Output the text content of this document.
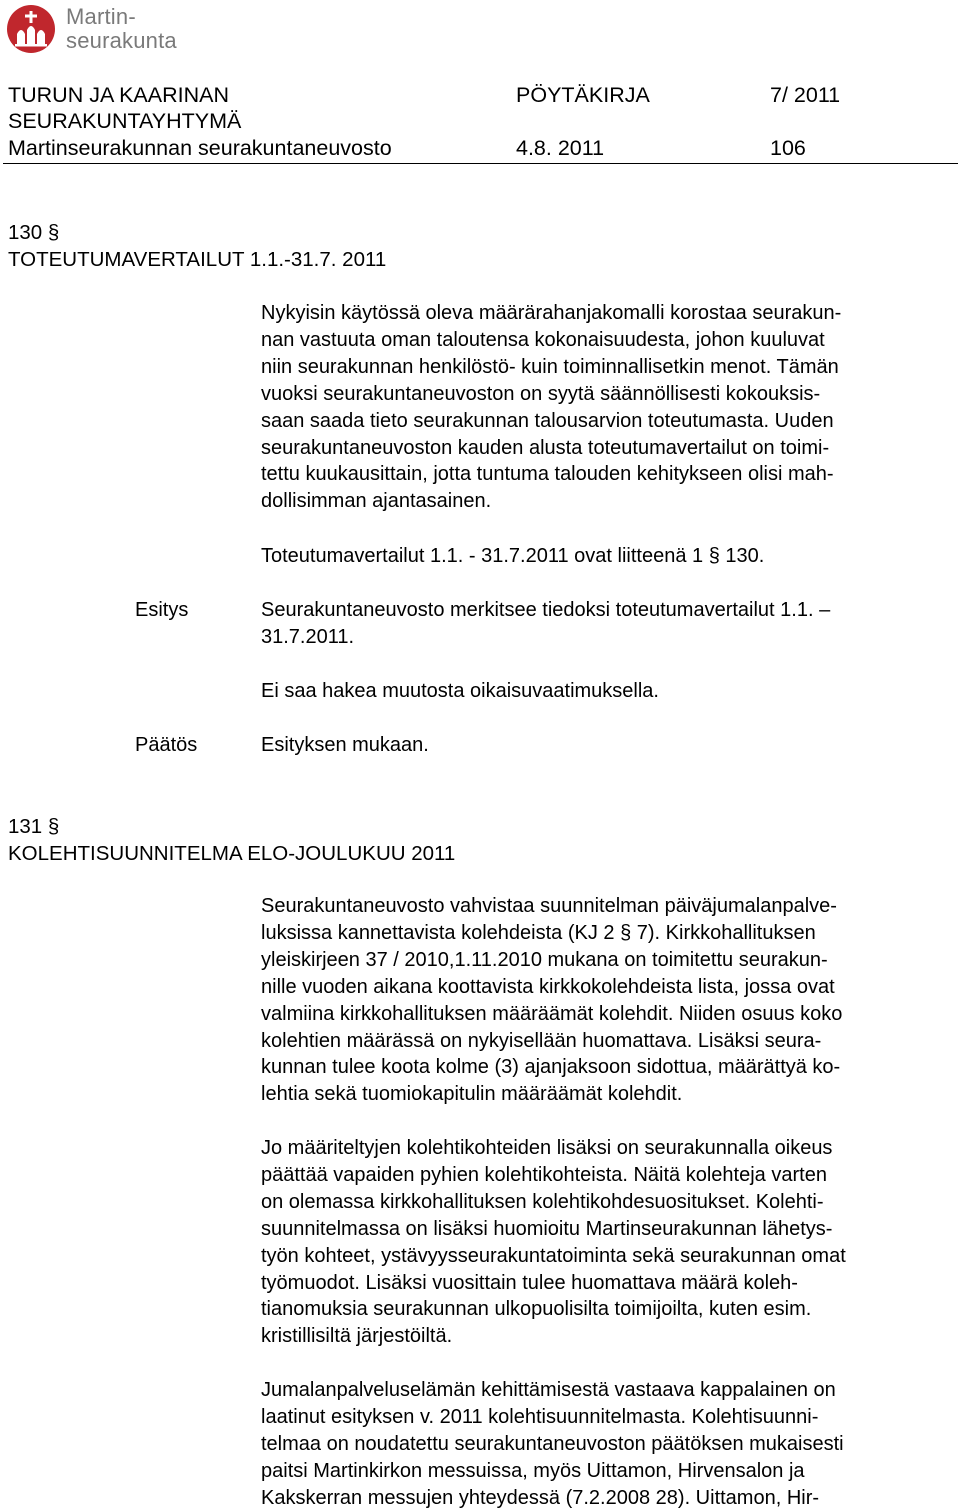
Martin-
seurakunta
TURUN JA KAARINAN
SEURAKUNTAYHTYMÄ
Martinseurakunnan seurakuntaneuvosto
PÖYTÄKIRJA	7/ 2011
4.8. 2011	106
130 §
TOTEUTUMAVERTAILUT 1.1.-31.7. 2011
Nykyisin käytössä oleva määrärahanjakomalli korostaa seurakun-
nan vastuuta oman taloutensa kokonaisuudesta, johon kuuluvat
niin seurakunnan henkilöstö- kuin toiminnallisetkin menot. Tämän
vuoksi seurakuntaneuvoston on syytä säännöllisesti kokouksis-
saan saada tieto seurakunnan talousarvion toteutumasta. Uuden
seurakuntaneuvoston kauden alusta toteutumavertailut on toimi-
tettu kuukausittain, jotta tuntuma talouden kehitykseen olisi mah-
dollisimman ajantasainen.
Toteutumavertailut 1.1. - 31.7.2011 ovat liitteenä 1 § 130.
Esitys	Seurakuntaneuvosto merkitsee tiedoksi toteutumavertailut 1.1. –
31.7.2011.
Ei saa hakea muutosta oikaisuvaatimuksella.
Päätös	Esityksen mukaan.
131 §
KOLEHTISUUNNITELMA ELO-JOULUKUU 2011
Seurakuntaneuvosto vahvistaa suunnitelman päiväjumalanpalve-
luksissa kannettavista kolehdeista (KJ 2 § 7). Kirkkohallituksen
yleiskirjeen 37 / 2010,1.11.2010 mukana on toimitettu seurakun-
nille vuoden aikana koottavista kirkkokolehdeista lista, jossa ovat
valmiina kirkkohallituksen määräämät kolehdit. Niiden osuus koko
kolehtien määrässä on nykyisellään huomattava. Lisäksi seura-
kunnan tulee koota kolme (3) ajanjaksoon sidottua, määrättyä ko-
lehtia sekä tuomiokapitulin määräämät kolehdit.
Jo määriteltyjen kolehtikohteiden lisäksi on seurakunnalla oikeus
päättää vapaiden pyhien kolehtikohteista. Näitä kolehteja varten
on olemassa kirkkohallituksen kolehtikohdesuositukset. Kolehti-
suunnitelmassa on lisäksi huomioitu Martinseurakunnan lähetys-
työn kohteet, ystävyysseurakuntatoiminta sekä seurakunnan omat
työmuodot. Lisäksi vuosittain tulee huomattava määrä koleh-
tianomuksia seurakunnan ulkopuolisilta toimijoilta, kuten esim.
kristillisiltä järjestöiltä.
Jumalanpalveluselämän kehittämisestä vastaava kappalainen on
laatinut esityksen v. 2011 kolehtisuunnitelmasta. Kolehtisuunni-
telmaa on noudatettu seurakuntaneuvoston päätöksen mukaisesti
paitsi Martinkirkon messuissa, myös Uittamon, Hirvensalon ja
Kakskerran messujen yhteydessä (7.2.2008 28). Uittamon, Hir-
